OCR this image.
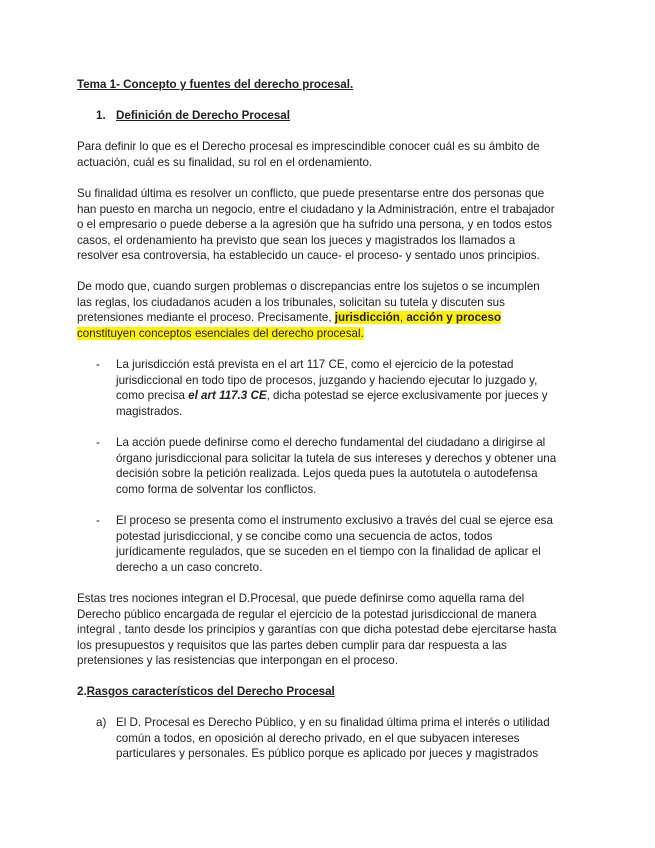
Tema 1- Concepto y fuentes del derecho procesal.

1. Definición de Derecho Procesal

Para definir lo que es el Derecho procesal es imprescindible conocer cuál es su ámbito de actuación, cuál es su finalidad, su rol en el ordenamiento.

Su finalidad última es resolver un conflicto, que puede presentarse entre dos personas que han puesto en marcha un negocio, entre el ciudadano y la Administración, entre el trabajador o el empresario o puede deberse a la agresión que ha sufrido una persona, y en todos estos casos, el ordenamiento ha previsto que sean los jueces y magistrados los llamados a resolver esa controversia, ha establecido un cauce- el proceso- y sentado unos principios.

De modo que, cuando surgen problemas o discrepancias entre los sujetos o se incumplen las reglas, los ciudadanos acuden a los tribunales, solicitan su tutela y discuten sus pretensiones mediante el proceso. Precisamente, jurisdicción, acción y proceso constituyen conceptos esenciales del derecho procesal.

-	La jurisdicción está prevista en el art 117 CE, como el ejercicio de la potestad jurisdiccional en todo tipo de procesos, juzgando y haciendo ejecutar lo juzgado y, como precisa el art 117.3 CE, dicha potestad se ejerce exclusivamente por jueces y magistrados.
-	La acción puede definirse como el derecho fundamental del ciudadano a dirigirse al órgano jurisdiccional para solicitar la tutela de sus intereses y derechos y obtener una decisión sobre la petición realizada. Lejos queda pues la autotutela o autodefensa como forma de solventar los conflictos.
-	El proceso se presenta como el instrumento exclusivo a través del cual se ejerce esa potestad jurisdiccional, y se concibe como una secuencia de actos, todos jurídicamente regulados, que se suceden en el tiempo con la finalidad de aplicar el derecho a un caso concreto.

Estas tres nociones integran el D.Procesal, que puede definirse como aquella rama del Derecho público encargada de regular el ejercicio de la potestad jurisdiccional de manera integral , tanto desde los principios y garantías con que dicha potestad debe ejercitarse hasta los presupuestos y requisitos que las partes deben cumplir para dar respuesta a las pretensiones y las resistencias que interpongan en el proceso.

2.Rasgos característicos del Derecho Procesal

a) El D. Procesal es Derecho Público, y en su finalidad última prima el interés o utilidad común a todos, en oposición al derecho privado, en el que subyacen intereses particulares y personales. Es público porque es aplicado por jueces y magistrados
